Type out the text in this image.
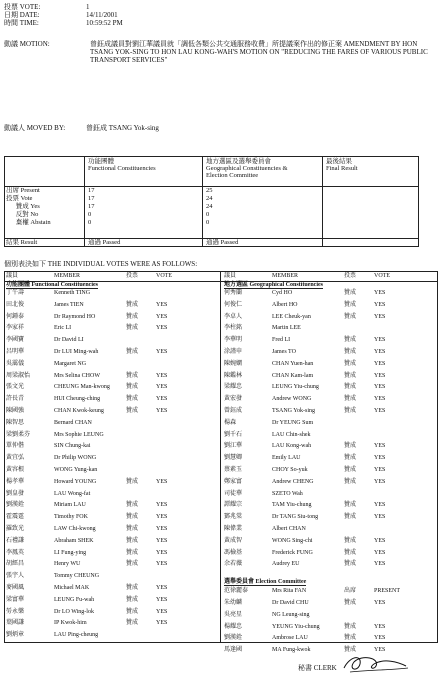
投票 VOTE:	1
日期 DATE:	14/11/2001
時間 TIME:	10:59:52 PM
動議 MOTION:	曾鈺成議員對劉江華議員就「調低各類公共交通服務收費」所提議案作出的修正案 AMENDMENT BY HON TSANG YOK-SING TO HON LAU KONG-WAH'S MOTION ON "REDUCING THE FARES OF VARIOUS PUBLIC TRANSPORT SERVICES"
動議人 MOVED BY:	曾鈺成 TSANG Yok-sing
功能團體
Functional Constituencies
地方選區及選舉委員會
Geographical Constituencies &
Election Committee
最後結果
Final Result
出席 Present	17	25
投票 Vote	17	24
贊成 Yes	17	24
反對 No	0	0
棄權 Abstain	0	0
結果 Result	通過 Passed	通過 Passed
個別表決如下 THE INDIVIDUAL VOTES WERE AS FOLLOWS:
議員	MEMBER	投票	VOTE	議員	MEMBER	投票	VOTE
功能團體 Functional Constituencies	地方選區 Geographical Constituencies
丁午壽	Kenneth TING
田北俊	James TIEN	贊成	YES
何鍾泰	Dr Raymond HO	贊成	YES
李家祥	Eric LI	贊成	YES
李國寶	Dr David LI
呂明華	Dr LUI Ming-wah	贊成	YES
吳靄儀	Margaret NG
周梁淑怡	Mrs Selina CHOW	贊成	YES
張文光	CHEUNG Man-kwong	贊成	YES
許長青	HUI Cheung-ching	贊成	YES
陳國強	CHAN Kwok-keung	贊成	YES
陳智思	Bernard CHAN
梁劉柔芬	Mrs Sophie LEUNG
單仲偕	SIN Chung-kai
黃宜弘	Dr Philip WONG
黃容根	WONG Yung-kan
楊孝華	Howard YOUNG	贊成	YES
劉皇發	LAU Wong-fat
劉漢銓	Miriam LAU	贊成	YES
霍震霆	Timothy FOK	贊成	YES
羅致光	LAW Chi-kwong	贊成	YES
石禮謙	Abraham SHEK	贊成	YES
李鳳英	LI Fung-ying	贊成	YES
胡經昌	Henry WU	贊成	YES
張宇人	Tommy CHEUNG
麥國風	Michael MAK	贊成	YES
梁富華	LEUNG Fu-wah	贊成	YES
勞永樂	Dr LO Wing-lok	贊成	YES
葉國謙	IP Kwok-him	贊成	YES
劉炳章	LAU Ping-cheung
何秀蘭	Cyd HO	贊成	YES
何俊仁	Albert HO	贊成	YES
李卓人	LEE Cheuk-yan	贊成	YES
李柱銘	Martin LEE
李華明	Fred LI	贊成	YES
涂謹申	James TO	贊成	YES
陳婉嫻	CHAN Yuen-han	贊成	YES
陳鑑林	CHAN Kam-lam	贊成	YES
梁耀忠	LEUNG Yiu-chung	贊成	YES
黃宏發	Andrew WONG	贊成	YES
曾鈺成	TSANG Yok-sing	贊成	YES
楊森	Dr YEUNG Sum
劉千石	LAU Chin-shek
劉江華	LAU Kong-wah	贊成	YES
劉慧卿	Emily LAU	贊成	YES
蔡素玉	CHOY So-yuk	贊成	YES
鄭家富	Andrew CHENG	贊成	YES
司徒華	SZETO Wah
譚耀宗	TAM Yiu-chung	贊成	YES
鄧兆棠	Dr TANG Siu-tong	贊成	YES
陳偉業	Albert CHAN
黃成智	WONG Sing-chi	贊成	YES
馮檢基	Frederick FUNG	贊成	YES
余若薇	Audrey EU	贊成	YES
選舉委員會 Election Committee
范徐麗泰	Mrs Rita FAN	出席	PRESENT
朱幼麟	Dr David CHU	贊成	YES
吳亮星	NG Leung-sing
楊耀忠	YEUNG Yiu-chung	贊成	YES
劉漢銓	Ambrose LAU	贊成	YES
馬逢國	MA Fung-kwok	贊成	YES
秘書 CLERK
